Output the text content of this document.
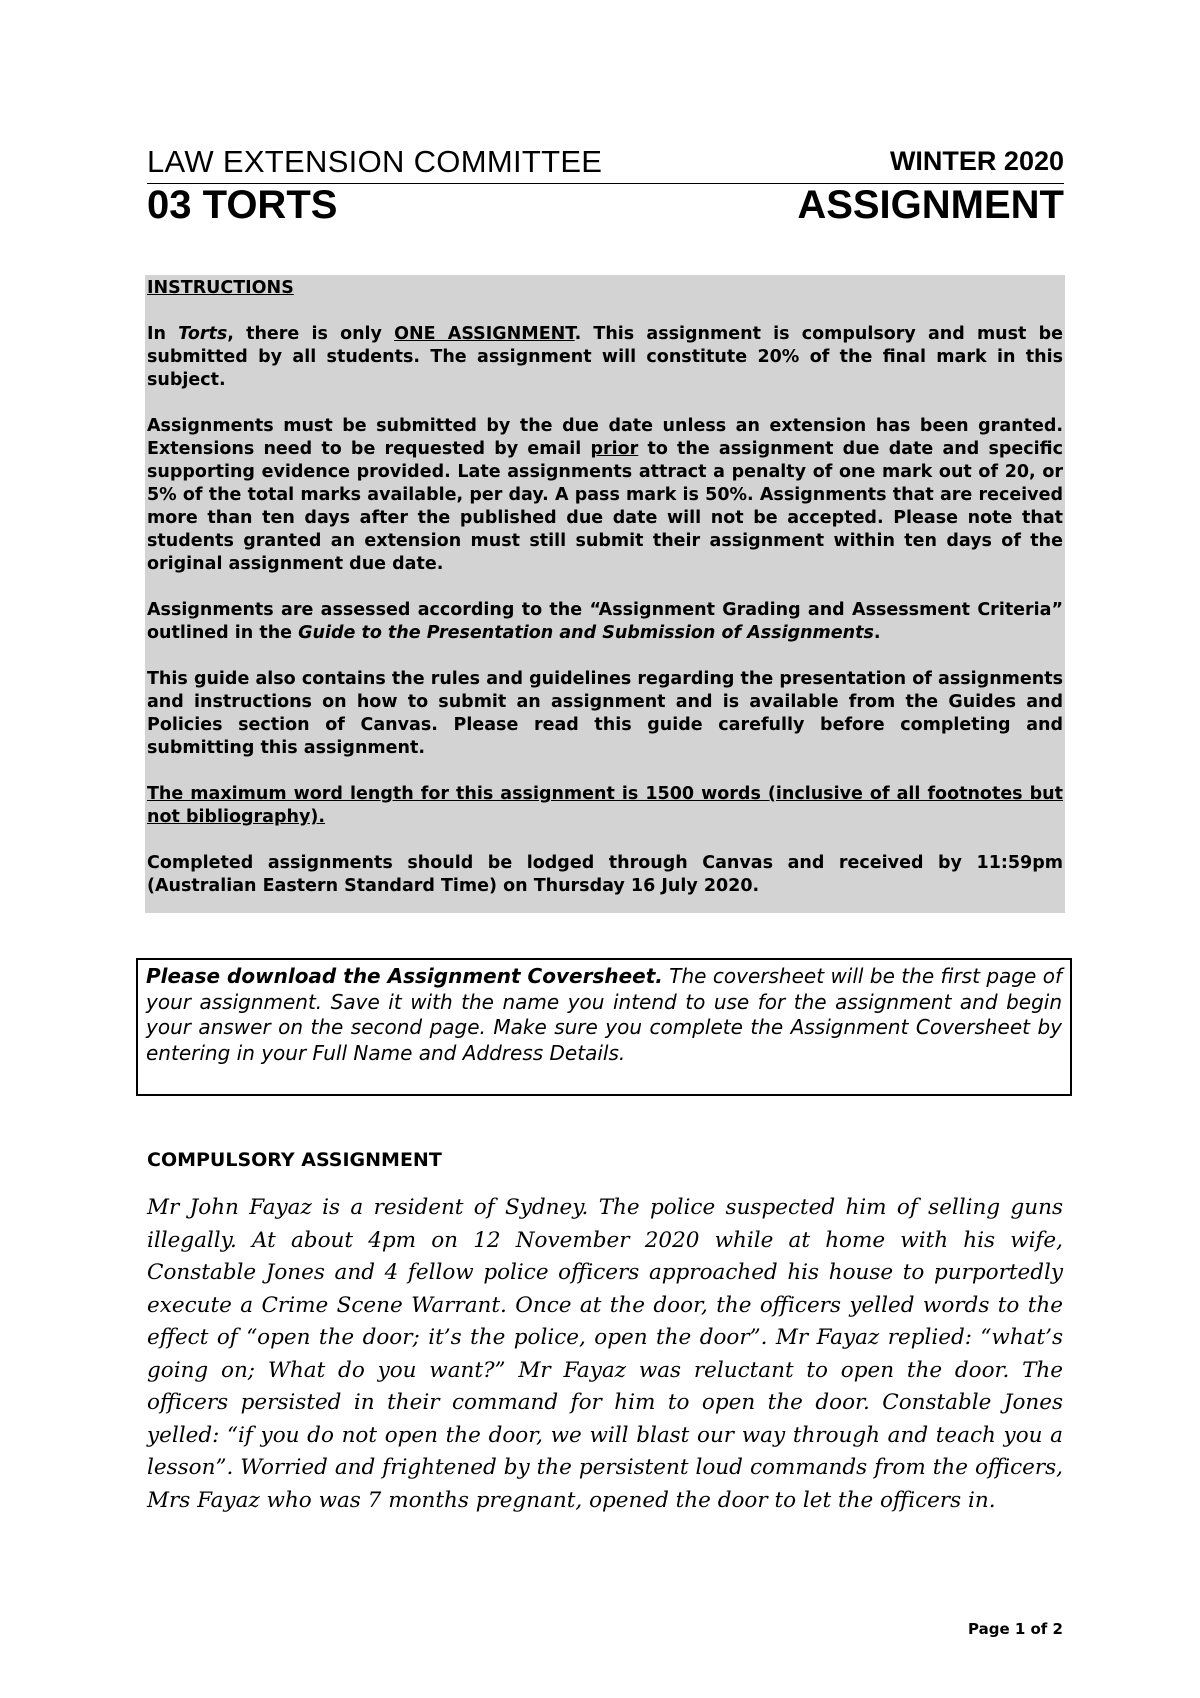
LAW EXTENSION COMMITTEE	WINTER 2020
03 TORTS	ASSIGNMENT

INSTRUCTIONS

In Torts, there is only ONE ASSIGNMENT. This assignment is compulsory and must be submitted by all students. The assignment will constitute 20% of the final mark in this subject.

Assignments must be submitted by the due date unless an extension has been granted. Extensions need to be requested by email prior to the assignment due date and specific supporting evidence provided. Late assignments attract a penalty of one mark out of 20, or 5% of the total marks available, per day. A pass mark is 50%. Assignments that are received more than ten days after the published due date will not be accepted. Please note that students granted an extension must still submit their assignment within ten days of the original assignment due date.

Assignments are assessed according to the “Assignment Grading and Assessment Criteria” outlined in the Guide to the Presentation and Submission of Assignments.

This guide also contains the rules and guidelines regarding the presentation of assignments and instructions on how to submit an assignment and is available from the Guides and Policies section of Canvas. Please read this guide carefully before completing and submitting this assignment.

The maximum word length for this assignment is 1500 words (inclusive of all footnotes but not bibliography).

Completed assignments should be lodged through Canvas and received by 11:59pm (Australian Eastern Standard Time) on Thursday 16 July 2020.

Please download the Assignment Coversheet. The coversheet will be the first page of your assignment. Save it with the name you intend to use for the assignment and begin your answer on the second page. Make sure you complete the Assignment Coversheet by entering in your Full Name and Address Details.
COMPULSORY ASSIGNMENT

Mr John Fayaz is a resident of Sydney. The police suspected him of selling guns illegally. At about 4pm on 12 November 2020 while at home with his wife, Constable Jones and 4 fellow police officers approached his house to purportedly execute a Crime Scene Warrant. Once at the door, the officers yelled words to the effect of “open the door; it’s the police, open the door”. Mr Fayaz replied: “what’s going on; What do you want?” Mr Fayaz was reluctant to open the door. The officers persisted in their command for him to open the door. Constable Jones yelled: “if you do not open the door, we will blast our way through and teach you a lesson”. Worried and frightened by the persistent loud commands from the officers, Mrs Fayaz who was 7 months pregnant, opened the door to let the officers in.

Page 1 of 2
